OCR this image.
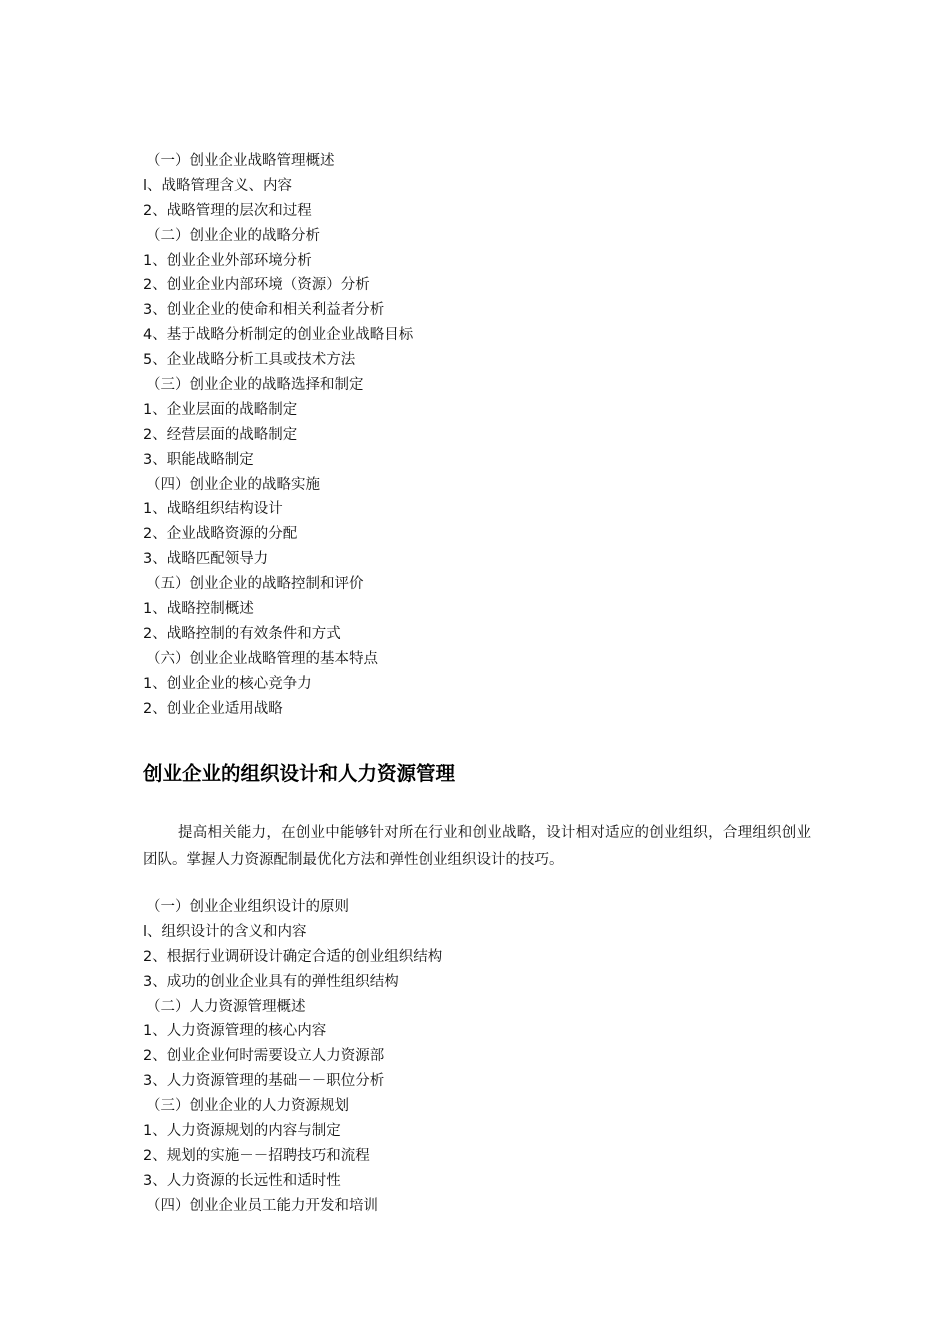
（一）创业企业战略管理概述
l、战略管理含义、内容
2、战略管理的层次和过程
（二）创业企业的战略分析
1、创业企业外部环境分析
2、创业企业内部环境（资源）分析
3、创业企业的使命和相关利益者分析
4、基于战略分析制定的创业企业战略目标
5、企业战略分析工具或技术方法
（三）创业企业的战略选择和制定
1、企业层面的战略制定
2、经营层面的战略制定
3、职能战略制定
（四）创业企业的战略实施
1、战略组织结构设计
2、企业战略资源的分配
3、战略匹配领导力
（五）创业企业的战略控制和评价
1、战略控制概述
2、战略控制的有效条件和方式
（六）创业企业战略管理的基本特点
1、创业企业的核心竞争力
2、创业企业适用战略
创业企业的组织设计和人力资源管理

提高相关能力，在创业中能够针对所在行业和创业战略，设计相对适应的创业组织，合理组织创业团队。掌握人力资源配制最优化方法和弹性创业组织设计的技巧。

（一）创业企业组织设计的原则
l、组织设计的含义和内容
2、根据行业调研设计确定合适的创业组织结构
3、成功的创业企业具有的弹性组织结构
（二）人力资源管理概述
1、人力资源管理的核心内容
2、创业企业何时需要设立人力资源部
3、人力资源管理的基础－－职位分析
（三）创业企业的人力资源规划
1、人力资源规划的内容与制定
2、规划的实施－－招聘技巧和流程
3、人力资源的长远性和适时性
（四）创业企业员工能力开发和培训
